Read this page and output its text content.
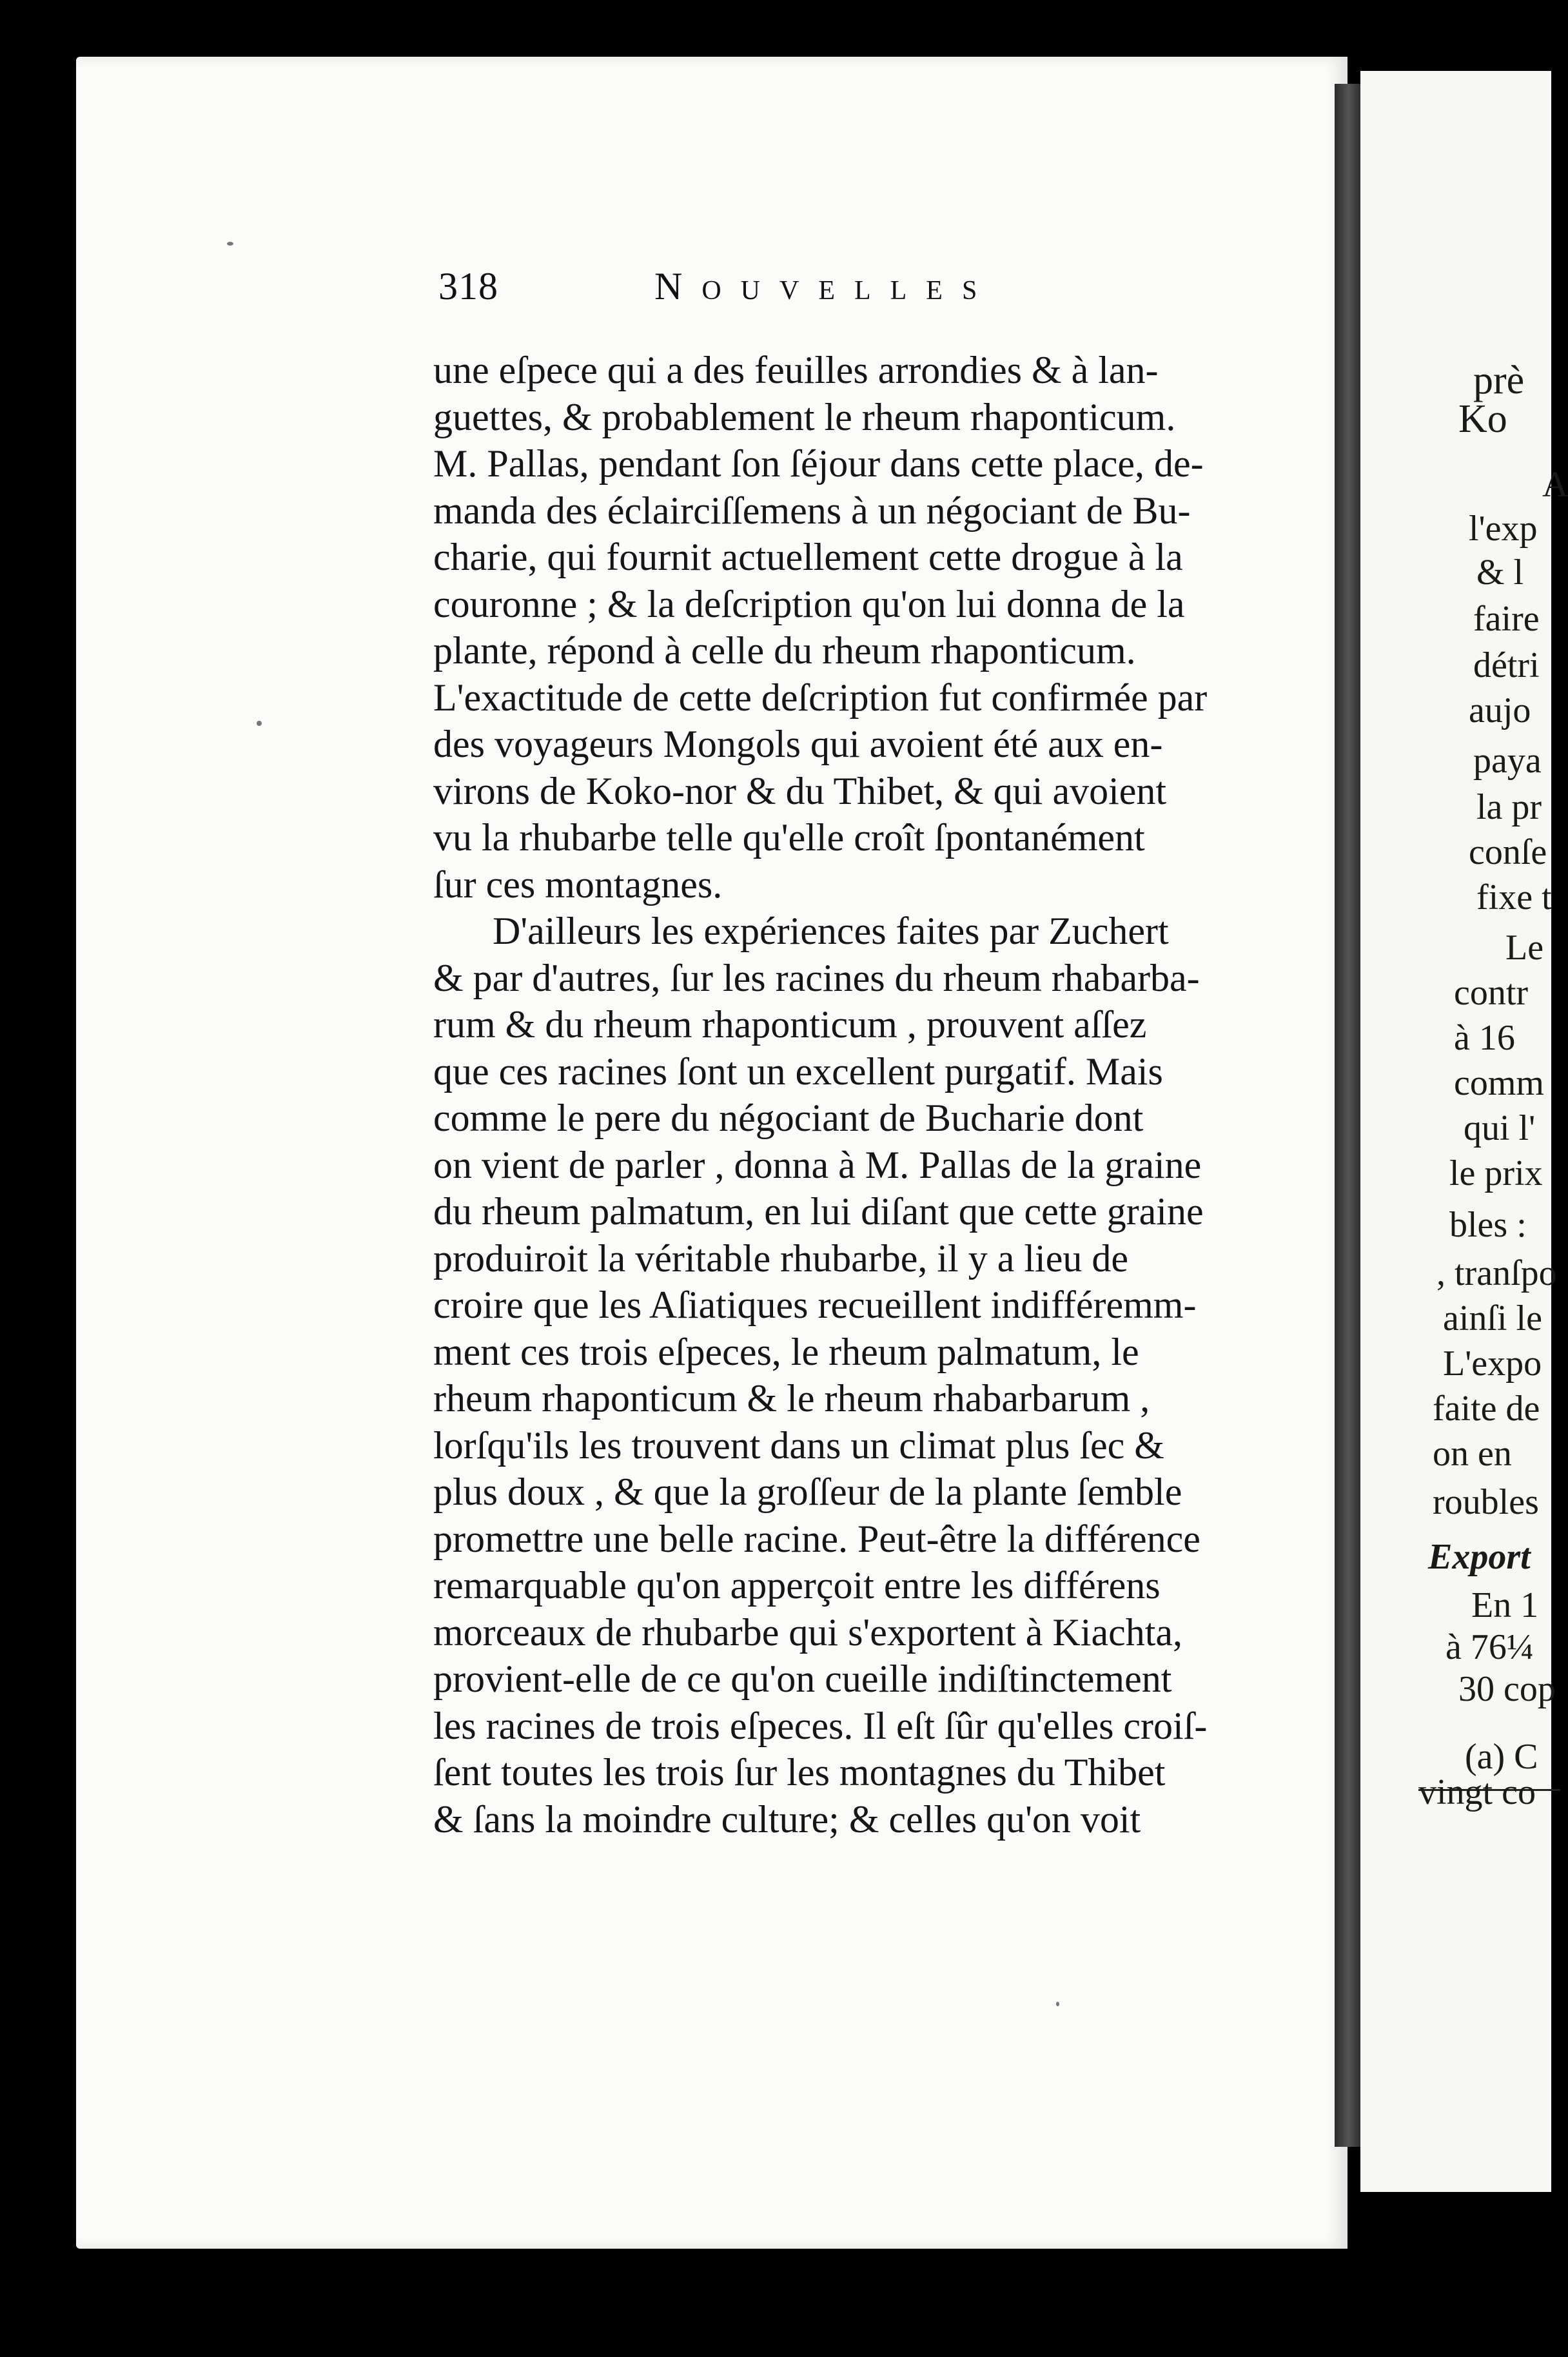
318	Nouvelles
une eſpece qui a des feuilles arrondies & à lan-
guettes, & probablement le rheum rhaponticum.
M. Pallas, pendant ſon ſéjour dans cette place, de-
manda des éclairciſſemens à un négociant de Bu-
charie, qui fournit actuellement cette drogue à la
couronne ; & la deſcription qu'on lui donna de la
plante, répond à celle du rheum rhaponticum.
L'exactitude de cette deſcription fut confirmée par
des voyageurs Mongols qui avoient été aux en-
virons de Koko-nor & du Thibet, & qui avoient
vu la rhubarbe telle qu'elle croît ſpontanément
ſur ces montagnes.
D'ailleurs les expériences faites par Zuchert
& par d'autres, ſur les racines du rheum rhabarba-
rum & du rheum rhaponticum , prouvent aſſez
que ces racines ſont un excellent purgatif. Mais
comme le pere du négociant de Bucharie dont
on vient de parler , donna à M. Pallas de la graine
du rheum palmatum, en lui diſant que cette graine
produiroit la véritable rhubarbe, il y a lieu de
croire que les Aſiatiques recueillent indifféremm-
ment ces trois eſpeces, le rheum palmatum, le
rheum rhaponticum & le rheum rhabarbarum ,
lorſqu'ils les trouvent dans un climat plus ſec &
plus doux , & que la groſſeur de la plante ſemble
promettre une belle racine. Peut-être la différence
remarquable qu'on apperçoit entre les différens
morceaux de rhubarbe qui s'exportent à Kiachta,
provient-elle de ce qu'on cueille indiſtinctement
les racines de trois eſpeces. Il eſt ſûr qu'elles croiſ-
ſent toutes les trois ſur les montagnes du Thibet
& ſans la moindre culture; & celles qu'on voit
prè
Ko
A
l'exp
& l
faire
détri
aujo
paya
la pr
conſe
fixe t
Le
contr
à 16
comm
qui l'
le prix
bles :
, tranſpo
ainſi le
L'expo
faite de
on en
roubles
Export
En 1
à 76¼
30 cop
(a) C
vingt co
